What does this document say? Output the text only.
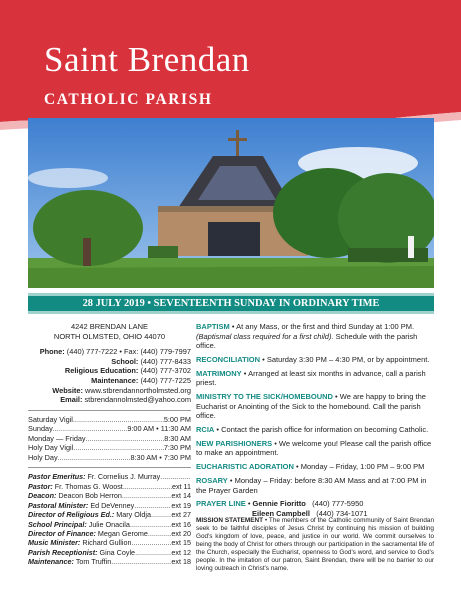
Saint Brendan
CATHOLIC PARISH
28 JULY 2019 • SEVENTEENTH SUNDAY IN ORDINARY TIME
4242 BRENDAN LANE
NORTH OLMSTED, OHIO 44070
Phone: (440) 777-7222 • Fax: (440) 779-7997
School: (440) 777-8433
Religious Education: (440) 777-3702
Maintenance: (440) 777-7225
Website: www.stbrendannortholmsted.org
Email: stbrendannolmsted@yahoo.com
Saturday Vigil .....	5:00 PM
Sunday .....	9:00 AM • 11:30 AM
Monday — Friday .....	8:30 AM
Holy Day Vigil .....	7:30 PM
Holy Day .....	8:30 AM • 7:30 PM
Pastor Emeritus: Fr. Cornelius J. Murray
.....
Pastor: Fr. Thomas G. Woost .....	ext 11
Deacon: Deacon Bob Herron .....	ext 14
Pastoral Minister: Ed DeVenney .....	ext 19
Director of Religious Ed.: Mary Oldja .....	ext 27
School Principal: Julie Onacila .....	ext 16
Director of Finance: Megan Gerome .....	ext 20
Music Minister: Richard Gullion .....	ext 15
Parish Receptionist: Gina Coyle .....	ext 12
Maintenance: Tom Truffin .....	ext 18
BAPTISM • At any Mass, or the first and third Sunday at 1:00 PM. (Baptismal class required for a first child). Schedule with the parish office.
RECONCILIATION • Saturday 3:30 PM – 4:30 PM, or by appointment.
MATRIMONY • Arranged at least six months in advance, call a parish priest.
MINISTRY TO THE SICK/HOMEBOUND • We are happy to bring the Eucharist or Anointing of the Sick to the homebound. Call the parish office.
RCIA • Contact the parish office for information on becoming Catholic.
NEW PARISHIONERS • We welcome you! Please call the parish office to make an appointment.
EUCHARISTIC ADORATION • Monday – Friday, 1:00 PM – 9:00 PM
ROSARY • Monday – Friday: before 8:30 AM Mass and at 7:00 PM in the Prayer Garden
PRAYER LINE • Gennie Fioritto (440) 777-5950
Eileen Campbell (440) 734-1071
MISSION STATEMENT • The members of the Catholic community of Saint Brendan seek to be faithful disciples of Jesus Christ by continuing his mission of building God's kingdom of love, peace, and justice in our world. We commit ourselves to being the body of Christ for others through our participation in the sacramental life of the Church, especially the Eucharist, openness to God's word, and service to God's people. In the imitation of our patron, Saint Brendan, there will be no barrier to our loving outreach in Christ's name.
